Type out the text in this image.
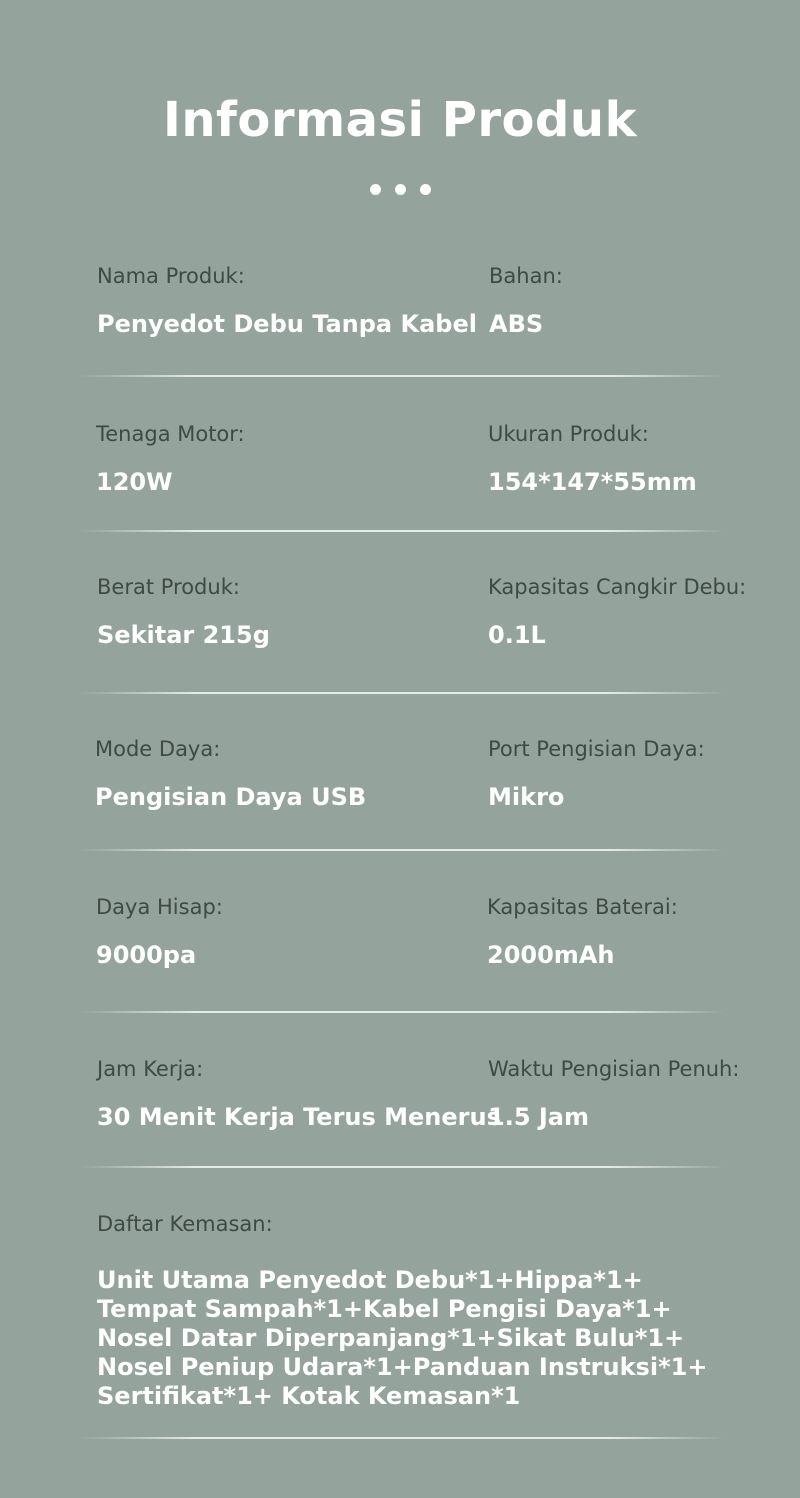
Informasi Produk
Nama Produk:
Penyedot Debu Tanpa Kabel
Bahan:
ABS
Tenaga Motor:
120W
Ukuran Produk:
154*147*55mm
Berat Produk:
Sekitar 215g
Kapasitas Cangkir Debu:
0.1L
Mode Daya:
Pengisian Daya USB
Port Pengisian Daya:
Mikro
Daya Hisap:
9000pa
Kapasitas Baterai:
2000mAh
Jam Kerja:
30 Menit Kerja Terus Menerus
Waktu Pengisian Penuh:
1.5 Jam
Daftar Kemasan:
Unit Utama Penyedot Debu*1+Hippa*1+
Tempat Sampah*1+Kabel Pengisi Daya*1+
Nosel Datar Diperpanjang*1+Sikat Bulu*1+
Nosel Peniup Udara*1+Panduan Instruksi*1+
Sertifikat*1+ Kotak Kemasan*1
